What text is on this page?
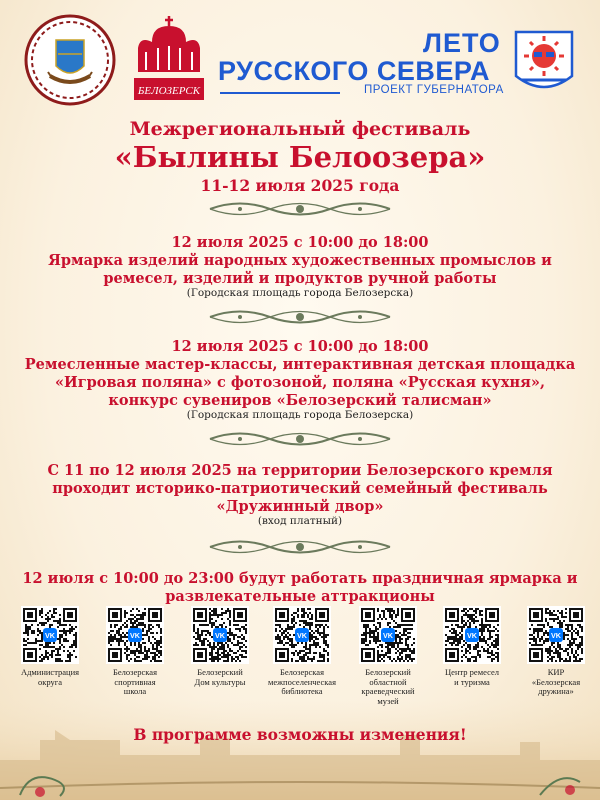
БЕЛОЗЕРСК
ЛЕТО
РУССКОГО СЕВЕРА
ПРОЕКТ ГУБЕРНАТОРА
Межрегиональный фестиваль
«Былины Белоозера»
11-12 июля 2025 года
12 июля 2025 с 10:00 до 18:00
Ярмарка изделий народных художественных промыслов и
ремесел, изделий и продуктов ручной работы
(Городская площадь города Белозерска)
12 июля 2025 с 10:00 до 18:00
Ремесленные мастер-классы, интерактивная детская площадка
«Игровая поляна» с фотозоной, поляна «Русская кухня»,
конкурс сувениров «Белозерский талисман»
(Городская площадь города Белозерска)
С 11 по 12 июля 2025 на территории Белозерского кремля
проходит историко-патриотический семейный фестиваль
«Дружинный двор»
(вход платный)
12 июля с 10:00 до 23:00 будут работать праздничная ярмарка и
развлекательные аттракционы
VK
Администрация
округа
VK
Белозерская
спортивная
школа
VK
Белозерский
Дом культуры
VK
Белозерская
межпоселенческая
библиотека
VK
Белозерский
областной
краеведческий
музей
VK
Центр ремесел
и туризма
VK
КИР
«Белозерская
дружина»
В программе возможны изменения!
